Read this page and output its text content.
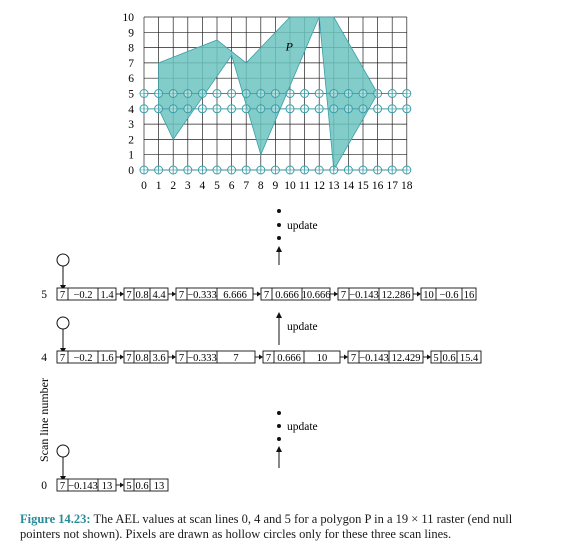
P
0 1 2 3 4 5 6 7 8 9 10 11 12 13 14 15 16 17 18
0
1
2
3
4
5
6
7
8
9
10
update
update
update
5 7 −0.2 1.4 7 0.8 4.4 7 −0.333 6.666 7 0.666 10.666 7 −0.143 12.286 10 −0.6 16
4 7 −0.2 1.6 7 0.8 3.6 7 −0.333 7	7 0.666 10 7 −0.143 12.429 5 0.6 15.4
0 7 −0.143 13 5 0.6 13
Scan line number
Figure 14.23: The AEL values at scan lines 0, 4 and 5 for a polygon P in a 19 × 11 raster (end null pointers not shown). Pixels are drawn as hollow circles only for these three scan lines.
